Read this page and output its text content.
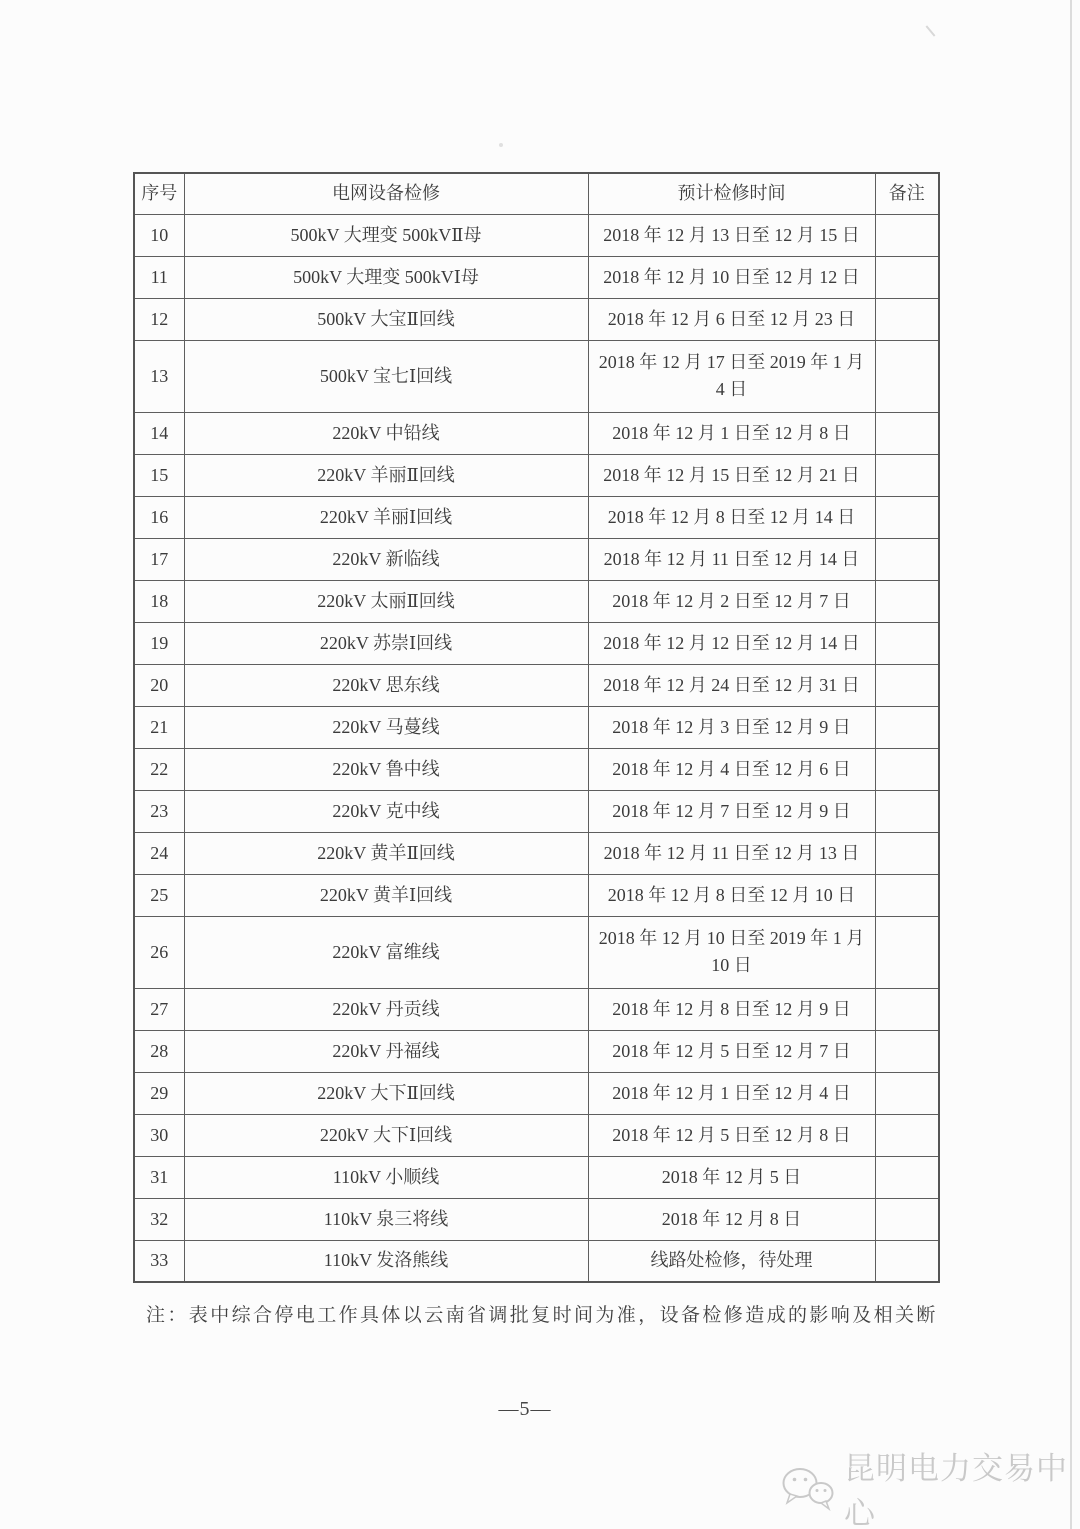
序号	电网设备检修	预计检修时间	备注
10	500kV 大理变 500kVⅡ母	2018 年 12 月 13 日至 12 月 15 日	
11	500kV 大理变 500kVⅠ母	2018 年 12 月 10 日至 12 月 12 日	
12	500kV 大宝Ⅱ回线	2018 年 12 月 6 日至 12 月 23 日	
13	500kV 宝七Ⅰ回线	2018 年 12 月 17 日至 2019 年 1 月 4 日	
14	220kV 中铅线	2018 年 12 月 1 日至 12 月 8 日	
15	220kV 羊丽Ⅱ回线	2018 年 12 月 15 日至 12 月 21 日	
16	220kV 羊丽Ⅰ回线	2018 年 12 月 8 日至 12 月 14 日	
17	220kV 新临线	2018 年 12 月 11 日至 12 月 14 日	
18	220kV 太丽Ⅱ回线	2018 年 12 月 2 日至 12 月 7 日	
19	220kV 苏崇Ⅰ回线	2018 年 12 月 12 日至 12 月 14 日	
20	220kV 思东线	2018 年 12 月 24 日至 12 月 31 日	
21	220kV 马蔓线	2018 年 12 月 3 日至 12 月 9 日	
22	220kV 鲁中线	2018 年 12 月 4 日至 12 月 6 日	
23	220kV 克中线	2018 年 12 月 7 日至 12 月 9 日	
24	220kV 黄羊Ⅱ回线	2018 年 12 月 11 日至 12 月 13 日	
25	220kV 黄羊Ⅰ回线	2018 年 12 月 8 日至 12 月 10 日	
26	220kV 富维线	2018 年 12 月 10 日至 2019 年 1 月 10 日	
27	220kV 丹贡线	2018 年 12 月 8 日至 12 月 9 日	
28	220kV 丹福线	2018 年 12 月 5 日至 12 月 7 日	
29	220kV 大下Ⅱ回线	2018 年 12 月 1 日至 12 月 4 日	
30	220kV 大下Ⅰ回线	2018 年 12 月 5 日至 12 月 8 日	
31	110kV 小顺线	2018 年 12 月 5 日	
32	110kV 泉三将线	2018 年 12 月 8 日	
33	110kV 发洛熊线	线路处检修，待处理	
注：表中综合停电工作具体以云南省调批复时间为准，设备检修造成的影响及相关断
—5—
昆明电力交易中心
